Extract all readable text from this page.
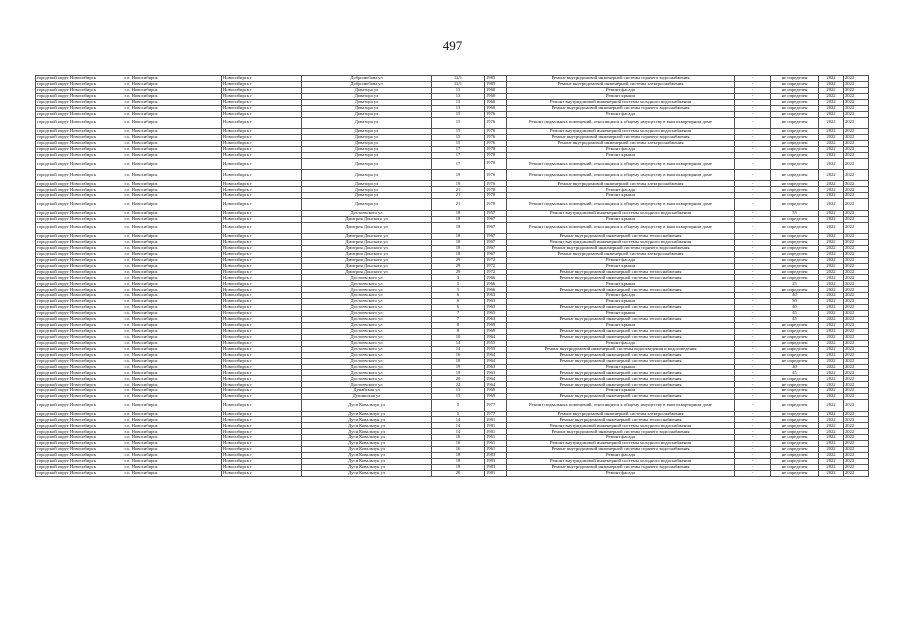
497
городской округ Новосибирск	г.о. Новосибирск	Новосибирск г	Добролюбова ул	12/1	1985	Ремонт внутридомовой инженерной системы горячего водоснабжения	-	не определен	2022	2022
городской округ Новосибирск	г.о. Новосибирск	Новосибирск г	Добролюбова ул	12/1	1985	Ремонт внутридомовой инженерной системы электроснабжения	-	не определен	2022	2022
городской округ Новосибирск	г.о. Новосибирск	Новосибирск г	Доватора ул	13	1960	Ремонт фасада	-	не определен	2022	2022
городской округ Новосибирск	г.о. Новосибирск	Новосибирск г	Доватора ул	13	1960	Ремонт крыши	-	не определен	2022	2022
городской округ Новосибирск	г.о. Новосибирск	Новосибирск г	Доватора ул	13	1960	Ремонт внутридомовой инженерной системы холодного водоснабжения	-	не определен	2022	2022
городской округ Новосибирск	г.о. Новосибирск	Новосибирск г	Доватора ул	13	1960	Ремонт внутридомовой инженерной системы горячего водоснабжения	-	не определен	2022	2022
городской округ Новосибирск	г.о. Новосибирск	Новосибирск г	Доватора ул	15	1976	Ремонт фасада	-	не определен	2022	2022
городской округ Новосибирск	г.о. Новосибирск	Новосибирск г	Доватора ул	15	1976	Ремонт подвальных помещений, относящихся к общему имуществу в многоквартирном доме	-	не определен	2022	2022
городской округ Новосибирск	г.о. Новосибирск	Новосибирск г	Доватора ул	15	1976	Ремонт внутридомовой инженерной системы холодного водоснабжения	-	не определен	2022	2022
городской округ Новосибирск	г.о. Новосибирск	Новосибирск г	Доватора ул	15	1976	Ремонт внутридомовой инженерной системы горячего водоснабжения	-	не определен	2022	2022
городской округ Новосибирск	г.о. Новосибирск	Новосибирск г	Доватора ул	15	1976	Ремонт внутридомовой инженерной системы электроснабжения	-	не определен	2022	2022
городской округ Новосибирск	г.о. Новосибирск	Новосибирск г	Доватора ул	17	1978	Ремонт фасада	-	не определен	2022	2022
городской округ Новосибирск	г.о. Новосибирск	Новосибирск г	Доватора ул	17	1978	Ремонт крыши	-	не определен	2022	2022
городской округ Новосибирск	г.о. Новосибирск	Новосибирск г	Доватора ул	17	1978	Ремонт подвальных помещений, относящихся к общему имуществу в многоквартирном доме	-	не определен	2022	2022
городской округ Новосибирск	г.о. Новосибирск	Новосибирск г	Доватора ул	19	1976	Ремонт подвальных помещений, относящихся к общему имуществу в многоквартирном доме	-	не определен	2022	2022
городской округ Новосибирск	г.о. Новосибирск	Новосибирск г	Доватора ул	19	1976	Ремонт внутридомовой инженерной системы электроснабжения	-	не определен	2022	2022
городской округ Новосибирск	г.о. Новосибирск	Новосибирск г	Доватора ул	21	1978	Ремонт фасада	-	не определен	2022	2022
городской округ Новосибирск	г.о. Новосибирск	Новосибирск г	Доватора ул	21	1978	Ремонт крыши	-	не определен	2022	2022
городской округ Новосибирск	г.о. Новосибирск	Новосибирск г	Доватора ул	21	1978	Ремонт подвальных помещений, относящихся к общему имуществу в многоквартирном доме	-	не определен	2022	2022
городской округ Новосибирск	г.о. Новосибирск	Новосибирск г	Достоевского ул	18	1957	Ремонт внутридомовой инженерной системы холодного водоснабжения	-	55	2022	2022
городской округ Новосибирск	г.о. Новосибирск	Новосибирск г	Дмитрия Донского ул	18	1967	Ремонт крыши	-	не определен	2022	2022
городской округ Новосибирск	г.о. Новосибирск	Новосибирск г	Дмитрия Донского ул	18	1967	Ремонт подвальных помещений, относящихся к общему имуществу в многоквартирном доме	-	не определен	2022	2022
городской округ Новосибирск	г.о. Новосибирск	Новосибирск г	Дмитрия Донского ул	18	1967	Ремонт внутридомовой инженерной системы теплоснабжения	-	не определен	2022	2022
городской округ Новосибирск	г.о. Новосибирск	Новосибирск г	Дмитрия Донского ул	18	1967	Ремонт внутридомовой инженерной системы холодного водоснабжения	-	не определен	2022	2022
городской округ Новосибирск	г.о. Новосибирск	Новосибирск г	Дмитрия Донского ул	18	1967	Ремонт внутридомовой инженерной системы горячего водоснабжения	-	не определен	2022	2022
городской округ Новосибирск	г.о. Новосибирск	Новосибирск г	Дмитрия Донского ул	18	1967	Ремонт внутридомовой инженерной системы электроснабжения	-	не определен	2022	2022
городской округ Новосибирск	г.о. Новосибирск	Новосибирск г	Дмитрия Донского ул	29	1972	Ремонт фасада	-	не определен	2022	2022
городской округ Новосибирск	г.о. Новосибирск	Новосибирск г	Дмитрия Донского ул	29	1972	Ремонт крыши	-	не определен	2022	2022
городской округ Новосибирск	г.о. Новосибирск	Новосибирск г	Дмитрия Донского ул	29	1972	Ремонт внутридомовой инженерной системы теплоснабжения	-	не определен	2022	2022
городской округ Новосибирск	г.о. Новосибирск	Новосибирск г	Достоевского ул	3	1966	Ремонт внутридомовой инженерной системы теплоснабжения	-	не определен	2022	2022
городской округ Новосибирск	г.о. Новосибирск	Новосибирск г	Достоевского ул	5	1966	Ремонт крыши	-	25	2022	2022
городской округ Новосибирск	г.о. Новосибирск	Новосибирск г	Достоевского ул	5	1966	Ремонт внутридомовой инженерной системы теплоснабжения	-	не определен	2022	2022
городской округ Новосибирск	г.о. Новосибирск	Новосибирск г	Достоевского ул	6	1963	Ремонт фасада	-	40	2022	2022
городской округ Новосибирск	г.о. Новосибирск	Новосибирск г	Достоевского ул	6	1963	Ремонт крыши	-	30	2022	2022
городской округ Новосибирск	г.о. Новосибирск	Новосибирск г	Достоевского ул	6	1963	Ремонт внутридомовой инженерной системы теплоснабжения	-	40	2022	2022
городской округ Новосибирск	г.о. Новосибирск	Новосибирск г	Достоевского ул	7	1963	Ремонт крыши	-	45	2022	2022
городской округ Новосибирск	г.о. Новосибирск	Новосибирск г	Достоевского ул	7	1963	Ремонт внутридомовой инженерной системы теплоснабжения	-	45	2022	2022
городской округ Новосибирск	г.о. Новосибирск	Новосибирск г	Достоевского ул	8	1969	Ремонт крыши	-	не определен	2022	2022
городской округ Новосибирск	г.о. Новосибирск	Новосибирск г	Достоевского ул	8	1969	Ремонт внутридомовой инженерной системы теплоснабжения	-	не определен	2022	2022
городской округ Новосибирск	г.о. Новосибирск	Новосибирск г	Достоевского ул	10	1964	Ремонт внутридомовой инженерной системы теплоснабжения	-	не определен	2022	2022
городской округ Новосибирск	г.о. Новосибирск	Новосибирск г	Достоевского ул	14	1955	Ремонт фасада	-	не определен	2022	2022
городской округ Новосибирск	г.о. Новосибирск	Новосибирск г	Достоевского ул	14	1955	Ремонт внутридомовой инженерной системы водоотведения и водоотведения	-	не определен	2022	2022
городской округ Новосибирск	г.о. Новосибирск	Новосибирск г	Достоевского ул	16	1964	Ремонт внутридомовой инженерной системы теплоснабжения	-	не определен	2022	2022
городской округ Новосибирск	г.о. Новосибирск	Новосибирск г	Достоевского ул	18	1964	Ремонт внутридомовой инженерной системы теплоснабжения	-	не определен	2022	2022
городской округ Новосибирск	г.о. Новосибирск	Новосибирск г	Достоевского ул	19	1963	Ремонт крыши	-	40	2022	2022
городской округ Новосибирск	г.о. Новосибирск	Новосибирск г	Достоевского ул	19	1963	Ремонт внутридомовой инженерной системы теплоснабжения	-	45	2022	2022
городской округ Новосибирск	г.о. Новосибирск	Новосибирск г	Достоевского ул	20	1964	Ремонт внутридомовой инженерной системы теплоснабжения	-	не определен	2022	2022
городской округ Новосибирск	г.о. Новосибирск	Новосибирск г	Достоевского ул	22	1964	Ремонт внутридомовой инженерной системы теплоснабжения	-	не определен	2022	2022
городской округ Новосибирск	г.о. Новосибирск	Новосибирск г	Дунайская ул	13	1969	Ремонт крыши	-	не определен	2022	2022
городской округ Новосибирск	г.о. Новосибирск	Новосибирск г	Душинская ул	15	1969	Ремонт внутридомовой инженерной системы теплоснабжения	-	не определен	2022	2022
городской округ Новосибирск	г.о. Новосибирск	Новосибирск г	Дуси Ковальчук ул	5	1977	Ремонт подвальных помещений, относящихся к общему имуществу в многоквартирном доме	-	не определен	2022	2022
городской округ Новосибирск	г.о. Новосибирск	Новосибирск г	Дуси Ковальчук ул	5	1977	Ремонт внутридомовой инженерной системы электроснабжения	-	не определен	2022	2022
городской округ Новосибирск	г.о. Новосибирск	Новосибирск г	Дуси Ковальчук ул	14	1981	Ремонт внутридомовой инженерной системы теплоснабжения	-	не определен	2022	2023
городской округ Новосибирск	г.о. Новосибирск	Новосибирск г	Дуси Ковальчук ул	14	1981	Ремонт внутридомовой инженерной системы холодного водоснабжения	-	не определен	2022	2022
городской округ Новосибирск	г.о. Новосибирск	Новосибирск г	Дуси Ковальчук ул	14	1981	Ремонт внутридомовой инженерной системы горячего водоснабжения	-	не определен	2022	2022
городской округ Новосибирск	г.о. Новосибирск	Новосибирск г	Дуси Ковальчук ул	16	1961	Ремонт фасада	-	не определен	2022	2022
городской округ Новосибирск	г.о. Новосибирск	Новосибирск г	Дуси Ковальчук ул	16	1961	Ремонт внутридомовой инженерной системы холодного водоснабжения	-	не определен	2022	2022
городской округ Новосибирск	г.о. Новосибирск	Новосибирск г	Дуси Ковальчук ул	16	1961	Ремонт внутридомовой инженерной системы горячего водоснабжения	-	не определен	2022	2022
городской округ Новосибирск	г.о. Новосибирск	Новосибирск г	Дуси Ковальчук ул	18	1983	Ремонт фасада	-	не определен	2022	2022
городской округ Новосибирск	г.о. Новосибирск	Новосибирск г	Дуси Ковальчук ул	18	1983	Ремонт внутридомовой инженерной системы холодного водоснабжения	-	не определен	2022	2022
городской округ Новосибирск	г.о. Новосибирск	Новосибирск г	Дуси Ковальчук ул	18	1983	Ремонт внутридомовой инженерной системы горячего водоснабжения	-	не определен	2022	2022
городской округ Новосибирск	г.о. Новосибирск	Новосибирск г	Дуси Ковальчук ул	20	1981	Ремонт фасада	-	не определен	2022	2022
